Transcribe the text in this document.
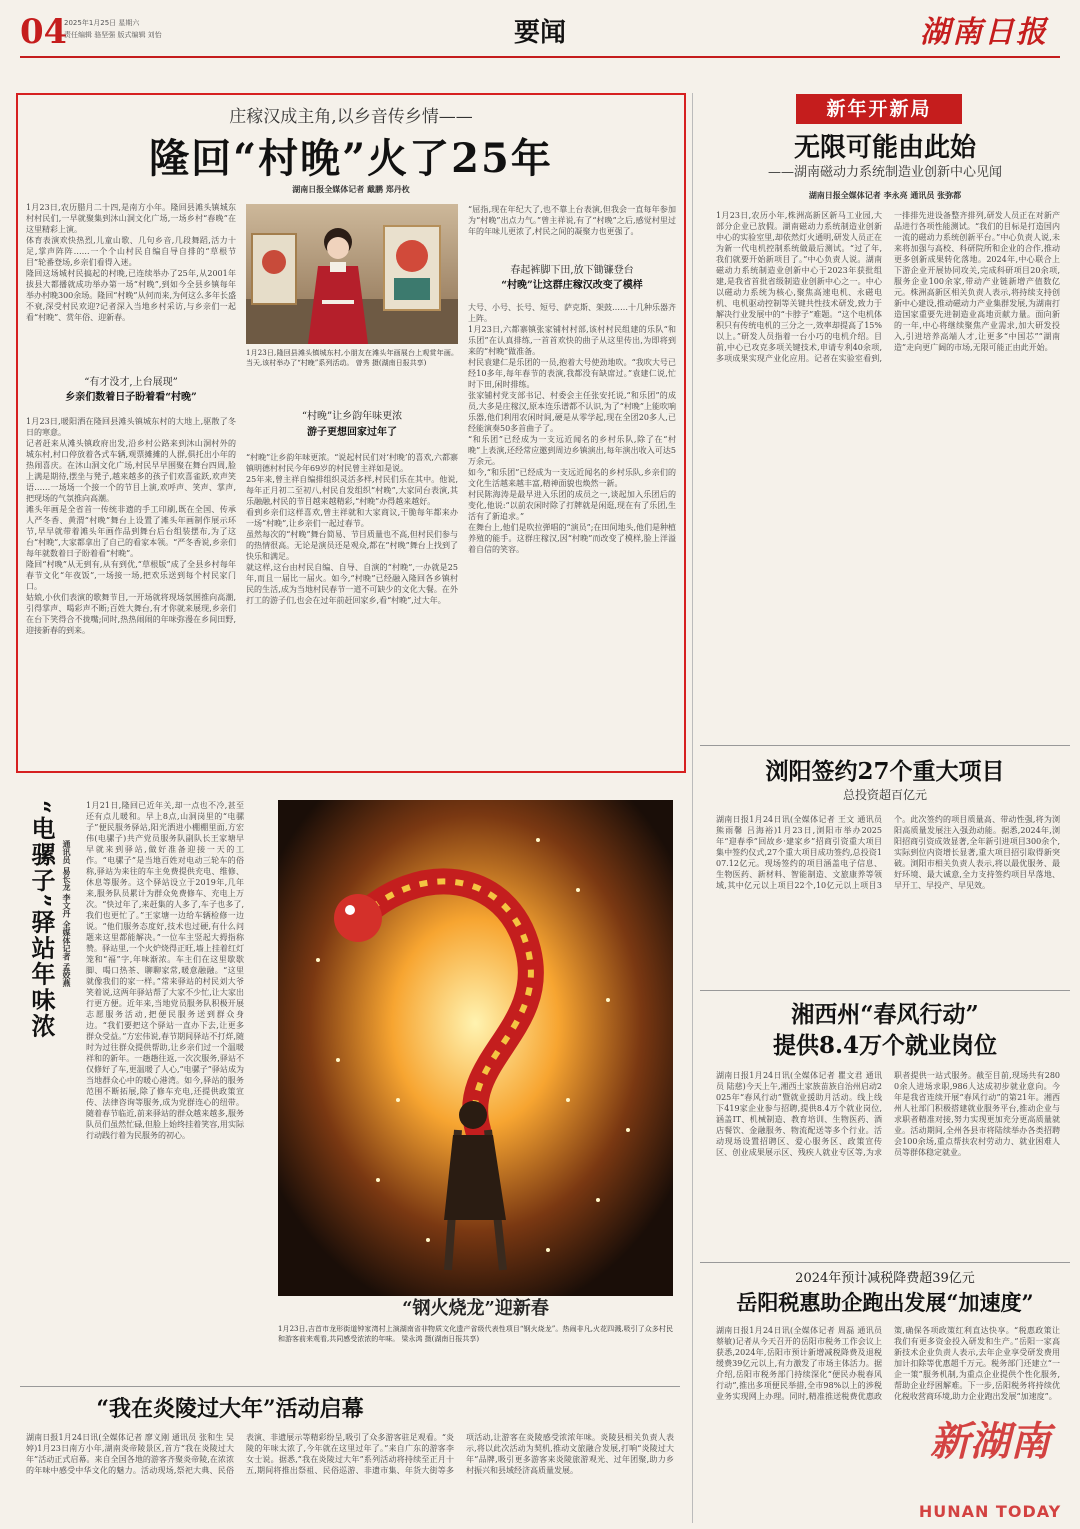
04
2025年1月25日 星期六
责任编辑 骆坚强 版式编辑 刘怡	要闻	湖南日报
庄稼汉成主角,以乡音传乡情——
隆回“村晚”火了25年
湖南日报全媒体记者 戴鹏 郑丹枚

1月23日,农历腊月二十四,是南方小年。隆回县滩头镇城东村村民们,一早就聚集到沐山洞文化广场,一场乡村“春晚”在这里精彩上演。

体育表演欢快热烈,儿童山歌、几句乡音,几段舞蹈,活力十足,掌声阵阵……一个个山村民自编自导自排的“草根节目”轮番登场,乡亲们看得入迷。

隆回这场城村民搞起的村晚,已连续举办了25年,从2001年拔县大都播就成功举办第一场“村晚”,到如今全县乡镇每年举办村晚300余场。隆回“村晚”从何而来,为何这么多年长盛不衰,深受村民欢迎?记者深入当地乡村采访,与乡亲们一起看“村晚”、赏年俗、迎新春。

“有才没才,上台展现”
乡亲们数着日子盼着看“村晚”

1月23日,暖阳洒在隆回县滩头镇城东村的大地上,驱散了冬日的寒意。

记者赶来从滩头镇政府出发,沿乡村公路来到沐山洞村外的城东村,村口停放着各式车辆,观票摊摊的人群,俱托出小年的热闹喜庆。在沐山洞文化广场,村民早早围聚在舞台四周,脸上满是期待,摆坐与凳子,越来越多的孩子们欢喜雀跃,欢声笑语……一场场一个接一个的节目上演,欢呼声、笑声、掌声,把现场的气氛推向高潮。

滩头年画是全省首一传统非遗的手工印刷,既在全国、传承人严冬香、黄渭“村晚”舞台上设置了滩头年画制作展示环节,早早就带着滩头年画作品到舞台后台组装摆布,为了这台“村晚”,大家都拿出了自己的看家本领。“严冬香说,乡亲们每年就数着日子盼着看“村晚”。

隆回“村晚”从无到有,从有到优,“草根版”成了全县乡村每年春节文化“年夜饭”,一场接一场,把欢乐送到每个村民家门口。

姑娘,小伙们表演的歌舞节目,一开场就将现场氛围推向高潮,引得掌声、喝彩声不断;百姓大舞台,有才你就来展现,乡亲们在台下笑得合不拢嘴;同时,热热闹闹的年味弥漫在乡间田野,迎接新春的到来。

1月23日,隆回县滩头镇城东村,小朋友在滩头年画展台上观赏年画。当天,该村举办了“村晚”系列活动。 曾秀 摄(湖南日报共享)
“村晚”让乡韵年味更浓
游子更想回家过年了

“村晚”让乡韵年味更浓。“说起村民们对‘村晚’的喜欢,六都寨镇明德村村民今年69岁的村民曾主祥如是说。

25年来,曾主祥自编排组织灵活多样,村民们乐在其中。他说,每年正月初二至初八,村民自发组织“村晚”,大家同台表演,其乐融融,村民的节目越来越精彩,“村晚”办得越来越好。

看到乡亲们这样喜欢,曾主祥就和大家商议,干脆每年都来办一场“村晚”,让乡亲们一起过春节。

虽然每次的“村晚”舞台简易、节目质量也不高,但村民们参与的热情很高。无论是演员还是观众,都在“村晚”舞台上找到了快乐和满足。

就这样,这台由村民自编、自导、自演的“村晚”,一办就是25年,而且一届比一届火。如今,“村晚”已经融入隆回各乡镇村民的生活,成为当地村民春节一道不可缺少的文化大餐。在外打工的游子们,也会在过年前赶回家乡,看“村晚”,过大年。

“屈指,现在年纪大了,也不靠上台表演,但我会一直每年参加为“村晚”出点力气。”曾主祥说,有了“村晚”之后,感觉村里过年的年味儿更浓了,村民之间的凝聚力也更强了。

春起裤脚下田,放下锄镰登台
“村晚”让这群庄稼汉改变了模样

大号、小号、长号、短号、萨克斯、架鼓……十几种乐器齐上阵。

1月23日,六都寨镇张家铺村村部,该村村民组建的乐队“和乐团”在认真排练,一首首欢快的曲子从这里传出,为即将到来的“村晚”做准备。

村民袁建仁是乐团的一员,抱着大号使劲地吹。“我吹大号已经10多年,每年春节的表演,我都没有缺席过。”袁建仁说,忙时下田,闲时排练。

张家铺村党支部书记、村委会主任张安托说,“和乐团”的成员,大多是庄稼汉,原本连乐谱都不认识,为了“村晚”上能吹响乐器,他们利用农闲时间,硬是从零学起,现在全团20多人,已经能演奏50多首曲子了。

“和乐团”已经成为一支远近闻名的乡村乐队,除了在“村晚”上表演,还经常应邀到周边乡镇演出,每年演出收入可达5万余元。

如今,“和乐团”已经成为一支远近闻名的乡村乐队,乡亲们的文化生活越来越丰富,精神面貌也焕然一新。

村民陈海涛是最早进入乐团的成员之一,谈起加入乐团后的变化,他说:“以前农闲时除了打牌就是闲逛,现在有了乐团,生活有了新追求。”

在舞台上,他们是吹拉弹唱的“演员”;在田间地头,他们是种植养殖的能手。这群庄稼汉,因“村晚”而改变了模样,脸上洋溢着自信的笑容。

新年开新局
无限可能由此始
——湖南磁动力系统制造业创新中心见闻
湖南日报全媒体记者 李永亮 通讯员 张弥都
1月23日,农历小年,株洲高新区新马工业园,大部分企业已放假。湖南磁动力系统制造业创新中心的实验室里,却依然灯火通明,研发人员正在为新一代电机控制系统做最后测试。“过了年,我们就要开始新项目了。”中心负责人说。湖南磁动力系统制造业创新中心于2023年获批组建,是我省首批省级制造业创新中心之一。中心以磁动力系统为核心,聚焦高速电机、永磁电机、电机驱动控制等关键共性技术研发,致力于解决行业发展中的“卡脖子”难题。“这个电机体积只有传统电机的三分之一,效率却提高了15%以上。”研发人员指着一台小巧的电机介绍。目前,中心已攻克多项关键技术,申请专利40余项,多项成果实现产业化应用。记者在实验室看到,一排排先进设备整齐排列,研发人员正在对新产品进行各项性能测试。“我们的目标是打造国内一流的磁动力系统创新平台。”中心负责人说,未来将加强与高校、科研院所和企业的合作,推动更多创新成果转化落地。2024年,中心联合上下游企业开展协同攻关,完成科研项目20余项,服务企业100余家,带动产业链新增产值数亿元。株洲高新区相关负责人表示,将持续支持创新中心建设,推动磁动力产业集群发展,为湖南打造国家重要先进制造业高地贡献力量。面向新的一年,中心将继续聚焦产业需求,加大研发投入,引进培养高端人才,让更多“中国芯”“湖南造”走向更广阔的市场,无限可能正由此开始。
浏阳签约27个重大项目
总投资超百亿元
湖南日报1月24日讯(全媒体记者 王文 通讯员 熊雨馨 吕海裕)1月23日,浏阳市举办2025年“迎春季”回故乡·建家乡”招商引资重大项目集中签约仪式,27个重大项目成功签约,总投资107.12亿元。现场签约的项目涵盖电子信息、生物医药、新材料、智能制造、文旅康养等领域,其中亿元以上项目22个,10亿元以上项目3个。此次签约的项目质量高、带动性强,将为浏阳高质量发展注入强劲动能。据悉,2024年,浏阳招商引资成效显著,全年新引进项目300余个,实际到位内资增长显著,重大项目招引取得新突破。浏阳市相关负责人表示,将以最优服务、最好环境、最大诚意,全力支持签约项目早落地、早开工、早投产、早见效。
湘西州“春风行动”
提供8.4万个就业岗位
湖南日报1月24日讯(全媒体记者 瞿文君 通讯员 陆慈)今天上午,湘西土家族苗族自治州启动2025年“春风行动”暨就业援助月活动。线上线下419家企业参与招聘,提供8.4万个就业岗位,涵盖IT、机械制造、教育培训、生物医药、酒店餐饮、金融服务、物流配送等多个行业。活动现场设置招聘区、爱心服务区、政策宣传区、创业成果展示区、残疾人就业专区等,为求职者提供一站式服务。截至目前,现场共有2800余人进场求职,986人达成初步就业意向。今年是我省连续开展“春风行动”的第21年。湘西州人社部门积极搭建就业服务平台,推动企业与求职者精准对接,努力实现更加充分更高质量就业。活动期间,全州各县市将陆续举办各类招聘会100余场,重点帮扶农村劳动力、就业困难人员等群体稳定就业。
2024年预计减税降费超39亿元
岳阳税惠助企跑出发展“加速度”
湖南日报1月24日讯(全媒体记者 周磊 通讯员 蔡敏)记者从今天召开的岳阳市税务工作会议上获悉,2024年,岳阳市预计新增减税降费及退税缓费39亿元以上,有力激发了市场主体活力。据介绍,岳阳市税务部门持续深化“便民办税春风行动”,推出多项便民举措,全市98%以上的涉税业务实现网上办理。同时,精准推送税费优惠政策,确保各项政策红利直达快享。“税惠政策让我们有更多资金投入研发和生产。”岳阳一家高新技术企业负责人表示,去年企业享受研发费用加计扣除等优惠超千万元。税务部门还建立“一企一策”服务机制,为重点企业提供个性化服务,帮助企业纾困解难。下一步,岳阳税务将持续优化税收营商环境,助力企业跑出发展“加速度”。
“电骡子”驿站年味浓 通讯员 易长龙 李文丹 全媒体记者 孟姣燕
1月21日,隆回已近年关,却一点也不冷,甚至还有点儿暖和。早上8点,山洞岗里的“电骡子”便民服务驿站,阳光洒进小棚棚里面,方宏伟(电骡子)共产党员服务队副队长王家塘早早就来到驿站,做好准备迎接一天的工作。“电骡子”是当地百姓对电动三轮车的俗称,驿站为来往的车主免费提供充电、维修、休息等服务。这个驿站设立于2019年,几年来,服务队员累计为群众免费修车、充电上万次。“快过年了,来赶集的人多了,车子也多了,我们也更忙了。”王家塘一边给车辆检修一边说。“他们服务态度好,技术也过硬,有什么问题来这里都能解决。”一位车主竖起大拇指称赞。驿站里,一个火炉烧得正旺,墙上挂着红灯笼和“福”字,年味渐浓。车主们在这里歇歇脚、喝口热茶、聊聊家常,暖意融融。“这里就像我们的家一样。”常来驿站的村民刘大爷笑着说,这两年驿站帮了大家不少忙,让大家出行更方便。近年来,当地党员服务队积极开展志愿服务活动,把便民服务送到群众身边。“我们要把这个驿站一直办下去,让更多群众受益。”方宏伟说,春节期间驿站不打烊,随时为过往群众提供帮助,让乡亲们过一个温暖祥和的新年。一趟趟往返,一次次服务,驿站不仅修好了车,更温暖了人心,“电骡子”驿站成为当地群众心中的暖心港湾。如今,驿站的服务范围不断拓展,除了修车充电,还提供政策宣传、法律咨询等服务,成为党群连心的纽带。随着春节临近,前来驿站的群众越来越多,服务队员们虽然忙碌,但脸上始终挂着笑容,用实际行动践行着为民服务的初心。
“钢火烧龙”迎新春
1月23日,吉首市龙形街道钟家湾村上演湖南省非物质文化遗产省级代表性项目“钢火烧龙”。热闹非凡,火花四溅,吸引了众多村民和游客前来观看,共同感受浓浓的年味。 梁永鸿 摄(湖南日报共享)
“我在炎陵过大年”活动启幕
湖南日报1月24日讯(全媒体记者 廖义刚 通讯员 张和生 吴婷)1月23日南方小年,湖南炎帝陵景区,首方“我在炎陵过大年”活动正式启幕。来自全国各地的游客齐聚炎帝陵,在浓浓的年味中感受中华文化的魅力。活动现场,祭祀大典、民俗表演、非遗展示等精彩纷呈,吸引了众多游客驻足观看。“炎陵的年味太浓了,今年就在这里过年了。”来自广东的游客李女士说。据悉,“我在炎陵过大年”系列活动将持续至正月十五,期间将推出祭祖、民俗巡游、非遗市集、年货大街等多项活动,让游客在炎陵感受浓浓年味。炎陵县相关负责人表示,将以此次活动为契机,推动文旅融合发展,打响“炎陵过大年”品牌,吸引更多游客来炎陵旅游观光、过年团聚,助力乡村振兴和县域经济高质量发展。
新湖南
HUNAN TODAY
